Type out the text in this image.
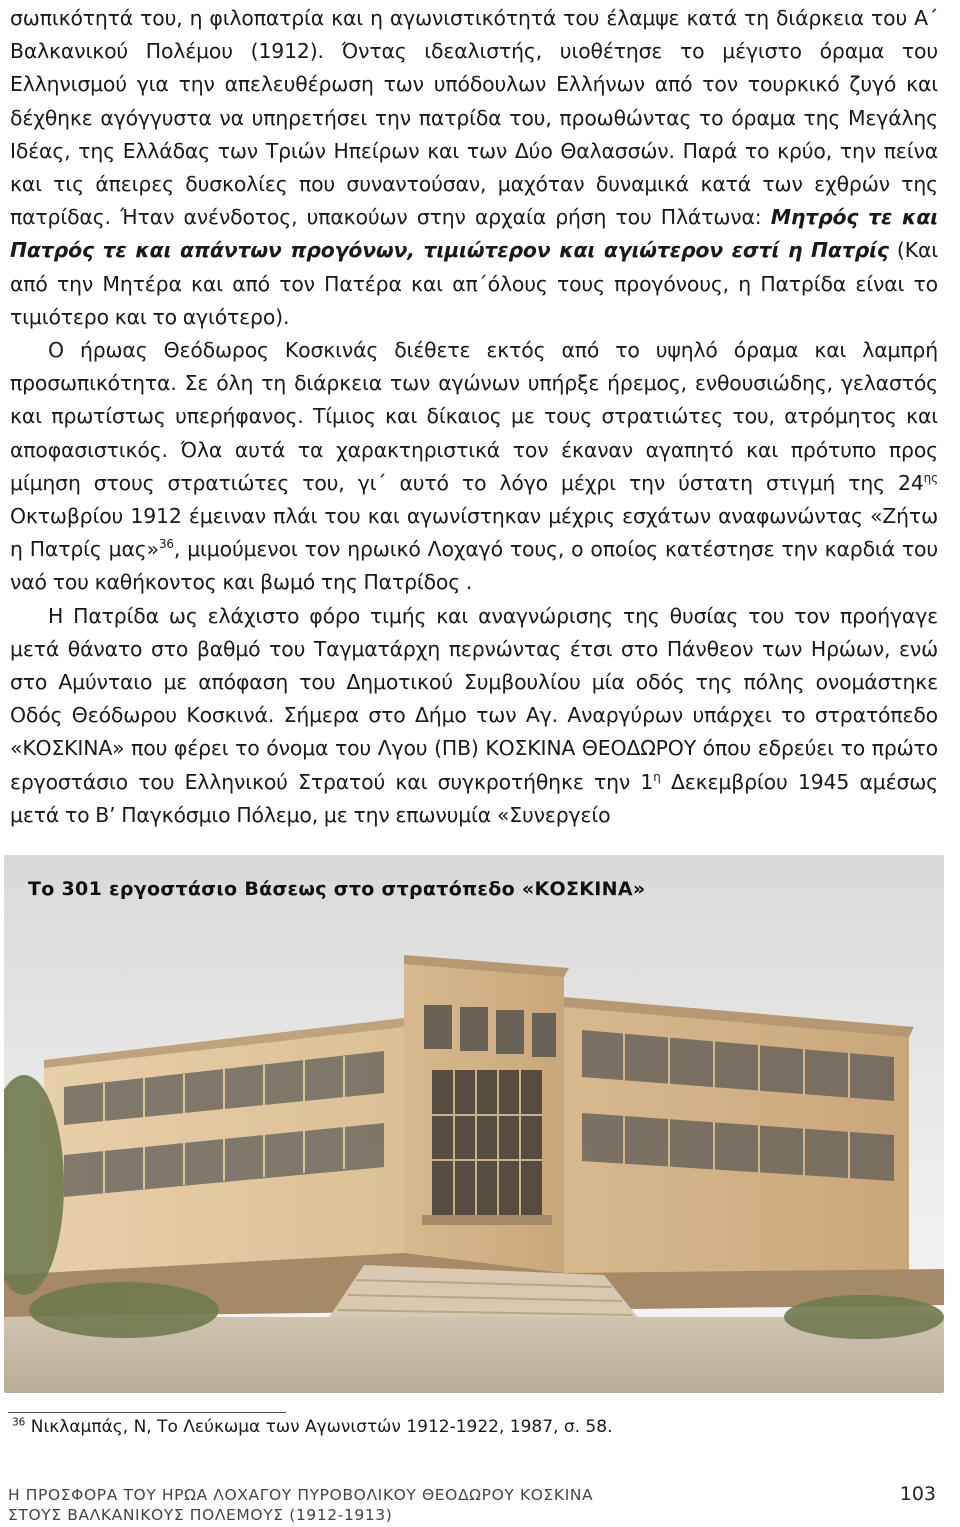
σωπικότητά του, η φιλοπατρία και η αγωνιστικότητά του έλαμψε κατά τη διάρκεια του Α΄ Βαλκανικού Πολέμου (1912). Όντας ιδεαλιστής, υιοθέτησε το μέγιστο όραμα του Ελληνισμού για την απελευθέρωση των υπόδουλων Ελλήνων από τον τουρκικό ζυγό και δέχθηκε αγόγγυστα να υπηρετήσει την πατρίδα του, προωθώντας το όραμα της Μεγάλης Ιδέας, της Ελλάδας των Τριών Ηπείρων και των Δύο Θαλασσών. Παρά το κρύο, την πείνα και τις άπειρες δυσκολίες που συναντούσαν, μαχόταν δυναμικά κατά των εχθρών της πατρίδας. Ήταν ανένδοτος, υπακούων στην αρχαία ρήση του Πλάτωνα: Μητρός τε και Πατρός τε και απάντων προγόνων, τιμιώτερον και αγιώτερον εστί η Πατρίς (Και από την Μητέρα και από τον Πατέρα και απ΄όλους τους προγόνους, η Πατρίδα είναι το τιμιότερο και το αγιότερο).

Ο ήρωας Θεόδωρος Κοσκινάς διέθετε εκτός από το υψηλό όραμα και λαμπρή προσωπικότητα. Σε όλη τη διάρκεια των αγώνων υπήρξε ήρεμος, ενθουσιώδης, γελαστός και πρωτίστως υπερήφανος. Τίμιος και δίκαιος με τους στρατιώτες του, ατρόμητος και αποφασιστικός. Όλα αυτά τα χαρακτηριστικά τον έκαναν αγαπητό και πρότυπο προς μίμηση στους στρατιώτες του, γι΄ αυτό το λόγο μέχρι την ύστατη στιγμή της $24^{\eta\varsigma}$ Οκτωβρίου 1912 έμειναν πλάι του και αγωνίστηκαν μέχρις εσχάτων αναφωνώντας «Ζήτω η Πατρίς μας»$^{36}$, μιμούμενοι τον ηρωικό Λοχαγό τους, ο οποίος κατέστησε την καρδιά του ναό του καθήκοντος και βωμό της Πατρίδος .

Η Πατρίδα ως ελάχιστο φόρο τιμής και αναγνώρισης της θυσίας του τον προήγαγε μετά θάνατο στο βαθμό του Ταγματάρχη περνώντας έτσι στο Πάνθεον των Ηρώων, ενώ στο Αμύνταιο με απόφαση του Δημοτικού Συμβουλίου μία οδός της πόλης ονομάστηκε Οδός Θεόδωρου Κοσκινά. Σήμερα στο Δήμο των Αγ. Αναργύρων υπάρχει το στρατόπεδο «ΚΟΣΚΙΝΑ» που φέρει το όνομα του Λγου (ΠΒ) ΚΟΣΚΙΝΑ ΘΕΟΔΩΡΟΥ όπου εδρεύει το πρώτο εργοστάσιο του Ελληνικού Στρατού και συγκροτήθηκε την $1^\eta$ Δεκεμβρίου 1945 αμέσως μετά το Β’ Παγκόσμιο Πόλεμο, με την επωνυμία «Συνεργείο

Το 301 εργοστάσιο Βάσεως στο στρατόπεδο «ΚΟΣΚΙΝΑ»
$^{36}$ Νικλαμπάς, Ν, Το Λεύκωμα των Αγωνιστών 1912-1922, 1987, σ. 58.
Η ΠΡΟΣΦΟΡΑ ΤΟΥ ΗΡΩΑ ΛΟΧΑΓΟΥ ΠΥΡΟΒΟΛΙΚΟΥ ΘΕΟΔΩΡΟΥ ΚΟΣΚΙΝΑ
ΣΤΟΥΣ ΒΑΛΚΑΝΙΚΟΥΣ ΠΟΛΕΜΟΥΣ (1912-1913)
103
